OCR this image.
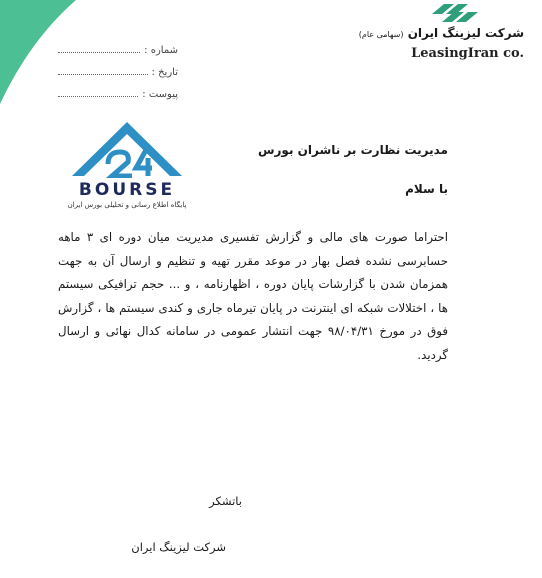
شماره :
تاریخ :
پیوست :
شرکت لیزینگ ایران (سهامی عام)
LeasingIran co.
BOURSE
پایگاه اطلاع رسانی و تحلیلی بورس ایران
مدیریت نظارت بر ناشران بورس
با سلام
احتراما صورت های مالی و گزارش تفسیری مدیریت میان دوره ای ۳ ماهه حسابرسی نشده فصل بهار در موعد مقرر تهیه و تنظیم و ارسال آن به جهت همزمان شدن با گزارشات پایان دوره ، اظهارنامه ، و ... حجم ترافیکی سیستم ها ، اختلالات شبکه ای اینترنت در پایان تیرماه جاری و کندی سیستم ها ، گزارش فوق در مورخ ۹۸/۰۴/۳۱ جهت انتشار عمومی در سامانه کدال نهائی و ارسال گردید.
باتشکر
شرکت لیزینگ ایران
